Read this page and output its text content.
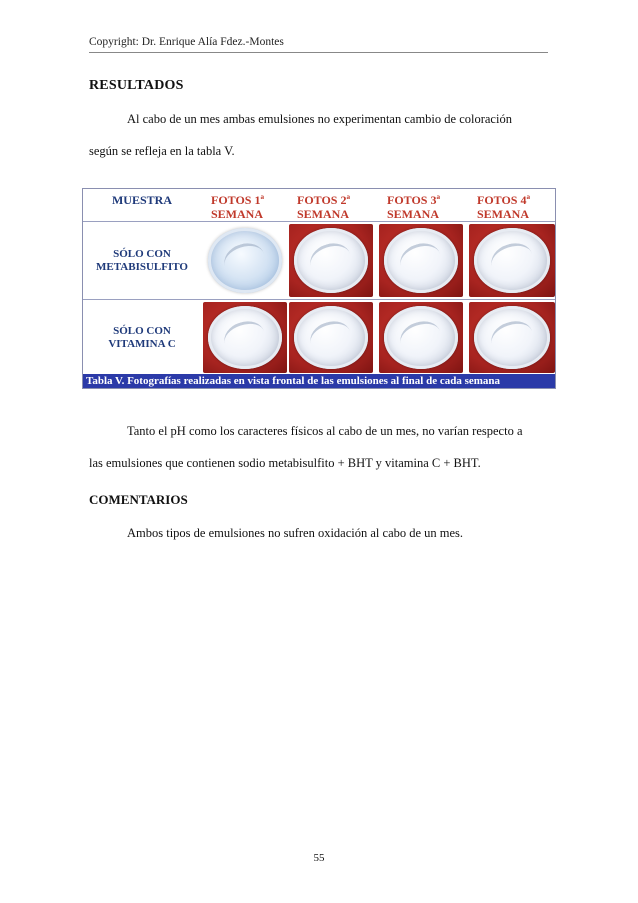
Copyright: Dr. Enrique Alía Fdez.-Montes
RESULTADOS
Al cabo de un mes ambas emulsiones no experimentan cambio de coloración
según se refleja en la tabla V.
MUESTRA	FOTOS 1ª
SEMANA
FOTOS 2ª
SEMANA
FOTOS 3ª
SEMANA
FOTOS 4ª
SEMANA
SÓLO CON
METABISULFITO
SÓLO CON
VITAMINA C
Tabla V. Fotografías realizadas en vista frontal de las emulsiones al final de cada semana
Tanto el pH como los caracteres físicos al cabo de un mes, no varían respecto a
las emulsiones que contienen sodio metabisulfito + BHT y vitamina C + BHT.
COMENTARIOS
Ambos tipos de emulsiones no sufren oxidación al cabo de un mes.
55
